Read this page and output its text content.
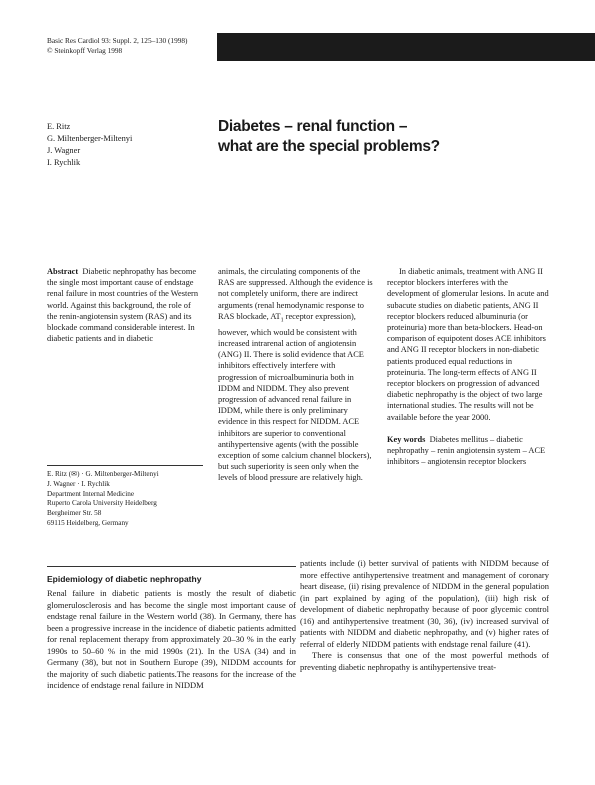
Basic Res Cardiol 93: Suppl. 2, 125–130 (1998)
© Steinkopff Verlag 1998
E. Ritz
G. Miltenberger-Miltenyi
J. Wagner
I. Rychlik
Diabetes – renal function –
what are the special problems?
Abstract Diabetic nephropathy has become the single most important cause of endstage renal failure in most countries of the Western world. Against this background, the role of the renin-angiotensin system (RAS) and its blockade command considerable interest. In diabetic patients and in diabetic
animals, the circulating components of the RAS are suppressed. Although the evidence is not completely uniform, there are indirect arguments (renal hemodynamic response to RAS blockade, $AT_1$ receptor expression), however, which would be consistent with increased intrarenal action of angiotensin (ANG) II. There is solid evidence that ACE inhibitors effectively interfere with progression of microalbuminuria both in IDDM and NIDDM. They also prevent progression of advanced renal failure in IDDM, while there is only preliminary evidence in this respect for NIDDM. ACE inhibitors are superior to conventional antihypertensive agents (with the possible exception of some calcium channel blockers), but such superiority is seen only when the levels of blood pressure are relatively high.
In diabetic animals, treatment with ANG II receptor blockers interferes with the development of glomerular lesions. In acute and subacute studies on diabetic patients, ANG II receptor blockers reduced albuminuria (or proteinuria) more than beta-blockers. Head-on comparison of equipotent doses ACE inhibitors and ANG II receptor blockers in non-diabetic patients produced equal reductions in proteinuria. The long-term effects of ANG II receptor blockers on progression of advanced diabetic nephropathy is the object of two large international studies. The results will not be available before the year 2000.
Key words Diabetes mellitus – diabetic nephropathy – renin angiotensin system – ACE inhibitors – angiotensin receptor blockers
E. Ritz (✉) · G. Miltenberger-Miltenyi
J. Wagner · I. Rychlik
Department Internal Medicine
Ruperto Carola University Heidelberg
Bergheimer Str. 58
69115 Heidelberg, Germany
Epidemiology of diabetic nephropathy
Renal failure in diabetic patients is mostly the result of diabetic glomerulosclerosis and has become the single most important cause of endstage renal failure in the Western world (38). In Germany, there has been a progressive increase in the incidence of diabetic patients admitted for renal replacement therapy from approximately 20–30 % in the early 1990s to 50–60 % in the mid 1990s (21). In the USA (34) and in Germany (38), but not in Southern Europe (39), NIDDM accounts for the majority of such diabetic patients.The reasons for the increase of the incidence of endstage renal failure in NIDDM
patients include (i) better survival of patients with NIDDM because of more effective antihypertensive treatment and management of coronary heart disease, (ii) rising prevalence of NIDDM in the general population (in part explained by aging of the population), (iii) high risk of development of diabetic nephropathy because of poor glycemic control (16) and antihypertensive treatment (30, 36), (iv) increased survival of patients with NIDDM and diabetic nephropathy, and (v) higher rates of referral of elderly NIDDM patients with endstage renal failure (41).
There is consensus that one of the most powerful methods of preventing diabetic nephropathy is antihypertensive treat-
